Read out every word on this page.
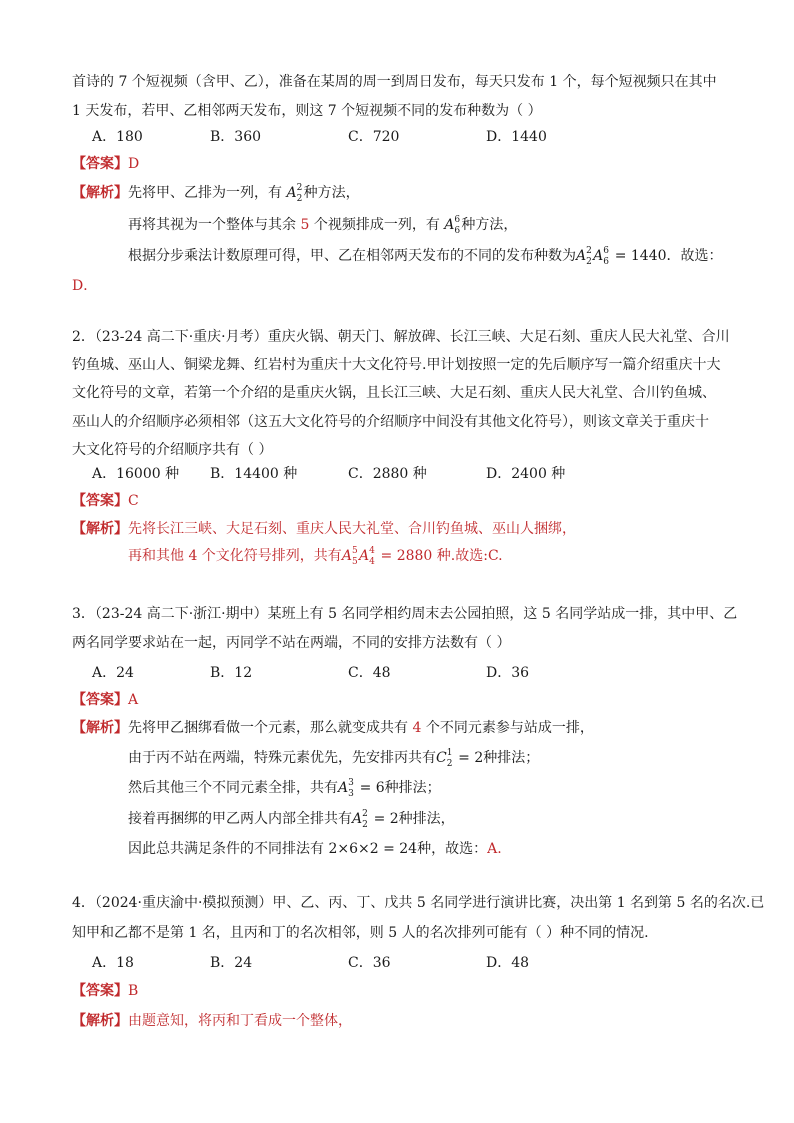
首诗的 7 个短视频（含甲、乙），准备在某周的周一到周日发布，每天只发布 1 个，每个短视频只在其中
1 天发布，若甲、乙相邻两天发布，则这 7 个短视频不同的发布种数为（ ）
A．180	B．360	C．720	D．1440
【答案】D
【解析】先将甲、乙排为一列，有 A 2
2 种方法，
再将其视为一个整体与其余 5 个视频排成一列，有 A 6
6 种方法，
根据分步乘法计数原理可得，甲、乙在相邻两天发布的不同的发布种数为A 2
2 A 6
6 = 1440．故选：
D．
2．（23-24 高二下·重庆·月考）重庆火锅、朝天门、解放碑、长江三峡、大足石刻、重庆人民大礼堂、合川
钓鱼城、巫山人、铜梁龙舞、红岩村为重庆十大文化符号.甲计划按照一定的先后顺序写一篇介绍重庆十大
文化符号的文章，若第一个介绍的是重庆火锅，且长江三峡、大足石刻、重庆人民大礼堂、合川钓鱼城、
巫山人的介绍顺序必须相邻（这五大文化符号的介绍顺序中间没有其他文化符号），则该文章关于重庆十
大文化符号的介绍顺序共有（ ）
A．16000 种 B．14400 种	C．2880 种	D．2400 种
【答案】C
【解析】先将长江三峡、大足石刻、重庆人民大礼堂、合川钓鱼城、巫山人捆绑，
再和其他 4 个文化符号排列，共有A 5
5 A 4
4 = 2880 种.故选:C.
3．（23-24 高二下·浙江·期中）某班上有 5 名同学相约周末去公园拍照，这 5 名同学站成一排，其中甲、乙
两名同学要求站在一起，丙同学不站在两端，不同的安排方法数有（ ）
A．24	B．12	C．48	D．36
【答案】A
【解析】先将甲乙捆绑看做一个元素，那么就变成共有 4 个不同元素参与站成一排，
由于丙不站在两端，特殊元素优先，先安排丙共有C 1
2 = 2种排法；
然后其他三个不同元素全排，共有A 3
3 = 6种排法；
接着再捆绑的甲乙两人内部全排共有A 2
2 = 2种排法，
因此总共满足条件的不同排法有 2×6×2 = 24种，故选：A.
4．（2024·重庆渝中·模拟预测）甲、乙、丙、丁、戊共 5 名同学进行演讲比赛，决出第 1 名到第 5 名的名次.已
知甲和乙都不是第 1 名，且丙和丁的名次相邻，则 5 人的名次排列可能有（ ）种不同的情况.
A．18	B．24	C．36	D．48
【答案】B
【解析】由题意知，将丙和丁看成一个整体，
